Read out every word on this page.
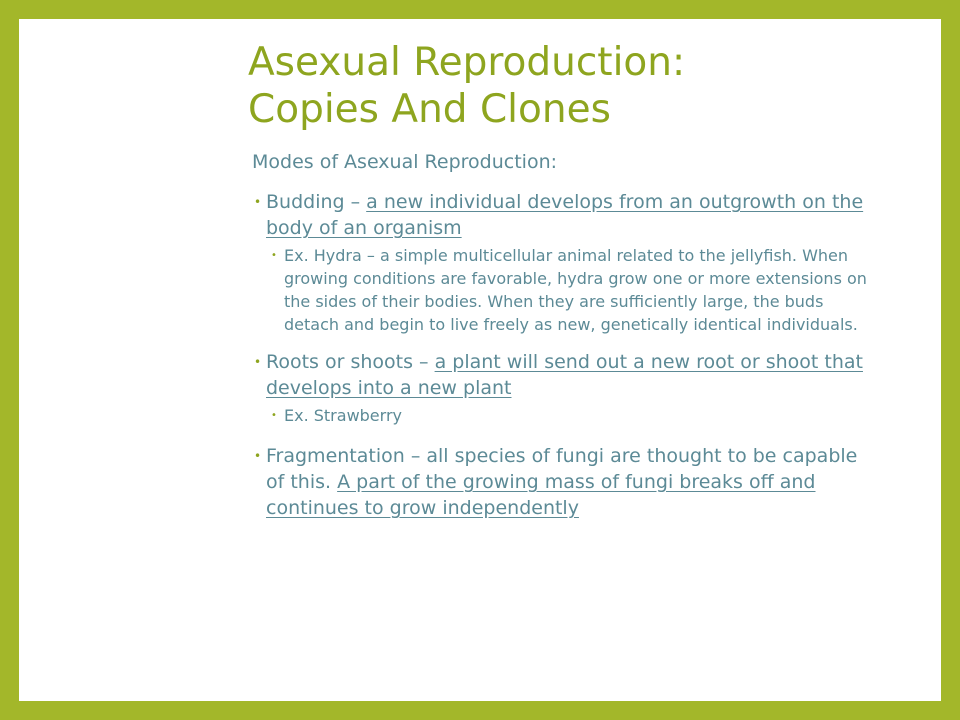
Asexual Reproduction:
Copies And Clones

Modes of Asexual Reproduction:

• Budding – a new individual develops from an outgrowth on the body of an organism

• Ex. Hydra – a simple multicellular animal related to the jellyfish. When growing conditions are favorable, hydra grow one or more extensions on the sides of their bodies. When they are sufficiently large, the buds detach and begin to live freely as new, genetically identical individuals.

• Roots or shoots – a plant will send out a new root or shoot that develops into a new plant

• Ex. Strawberry

• Fragmentation – all species of fungi are thought to be capable of this. A part of the growing mass of fungi breaks off and continues to grow independently
